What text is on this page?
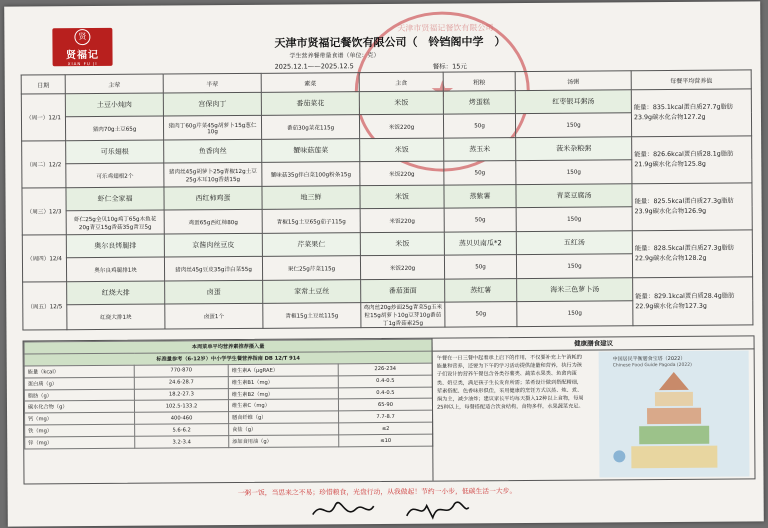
天津市贤福记餐饮有限公司
贤
贤福记
XIAN FU JI
天津市贤福记餐饮有限公司（　铃铛阁中学　）
学生营养餐带量食谱（单位：克）
2025.12.1——2025.12.5	餐标：15元
日期	主荤	半荤	素菜	主食	粗粮	汤粥	每餐平均营养值
（周一）12/1	土豆小炖肉	宫保肉丁	番茄菜花	米饭	烤蛋糕	红枣银耳粥汤	能量：835.1kcal蛋白质27.7g脂肪23.9g碳水化合物127.2g
	猪肉70g土豆65g	猪肉丁60g芹菜45g胡萝卜15g葱仁10g	番茄30g菜花115g	米饭220g	50g	150g	
（周二）12/2	可乐翅根	鱼香肉丝	蟹味菇莲菜	米饭	蒸玉米	菠米杂粮粥	能量：826.6kcal蛋白质28.1g脂肪21.9g碳水化合物125.8g
	可乐鸡翅根2个	猪肉丝45g胡萝卜25g青椒12g土豆25g木耳10g香菇15g	蟹味菇35g拌白菜100g粉条15g	米饭220g	50g	150g	
（周三）12/3	虾仁全家福	西红柿鸡蛋	地三鲜	米饭	蒸紫薯	青菜豆腐汤	能量：825.5kcal蛋白质27.3g脂肪23.9g碳水化合物126.9g
	虾仁25g全贝10g鸡丁65g木鱼花20g青豆15g香菇35g青豆5g	鸡蛋65g西红柿80g	青椒15g土豆65g茄子115g	米饭220g	50g	150g	
（周四）12/4	奥尔良烤腿排	京酱肉丝豆皮	芹菜果仁	米饭	蒸贝贝南瓜*2	五红汤	能量：828.5kcal蛋白质27.3g脂肪22.9g碳水化合物128.2g
	奥尔良鸡腿排1块	猪肉丝45g豆皮35g洋白菜55g	果仁25g芹菜115g	米饭220g	50g	150g	
（周五）12/5	红烧大排	卤蛋	家常土豆丝	番茄蛋面	蒸红薯	海米三色萝卜汤	能量：829.1kcal蛋白质28.4g脂肪22.9g碳水化合物127.3g
	红烧大排1块	卤蛋1个	青椒15g土豆丝115g	鸡肉丝20g炒面25g青菜5g玉米粒15g胡萝卜10g豆芽10g番茄丁1g香菇素25g	50g	150g	
本周菜单平均营养素推荐摄入量			
标准量参考（6-12岁）中小学学生餐营养指南 DB 12/T 914			
能量（kcal）	770-870	维生素A（μgRAE）	226-234
蛋白质（g）	24.6-28.7	维生素B1（mg）	0.4-0.5
脂肪（g）	18.2-27.3	维生素B2（mg）	0.4-0.5
碳水化合物（g）	102.5-133.2	维生素C（mg）	65-90
钙（mg）	400-460	膳食纤维（g）	7.7-8.7
铁（mg）	5.6-6.2	食盐（g）	≤2
锌（mg）	3.2-3.4	添加食用油（g）	≤10
健康膳食建议
午餐在一日三餐中起着承上启下的作用，不仅要补充上午消耗的能量和营养，还要为下午的学习活动提供能量和营养，执行为孩子们设计的营养午餐包含各类谷薯类、蔬菜水果类、鱼禽肉蛋类、奶豆类，满足孩子生长发育所需；菜肴设计做到搭配精细，荤素搭配、色香味形俱佳，采用健康的烹饪方式以蒸、炖、煮、焖为主，减少油炸；建议家长平均每天摄入12种以上食物，每周25种以上，每餐搭配适合饮食结构，食物多样，水果蔬菜充足。
中国居民平衡膳食宝塔（2022）
Chinese Food Guide Pagoda (2022)
一粥一饭，当思来之不易；珍惜粮食，光盘行动，从我做起！节约一小步，低碳生活一大步。
